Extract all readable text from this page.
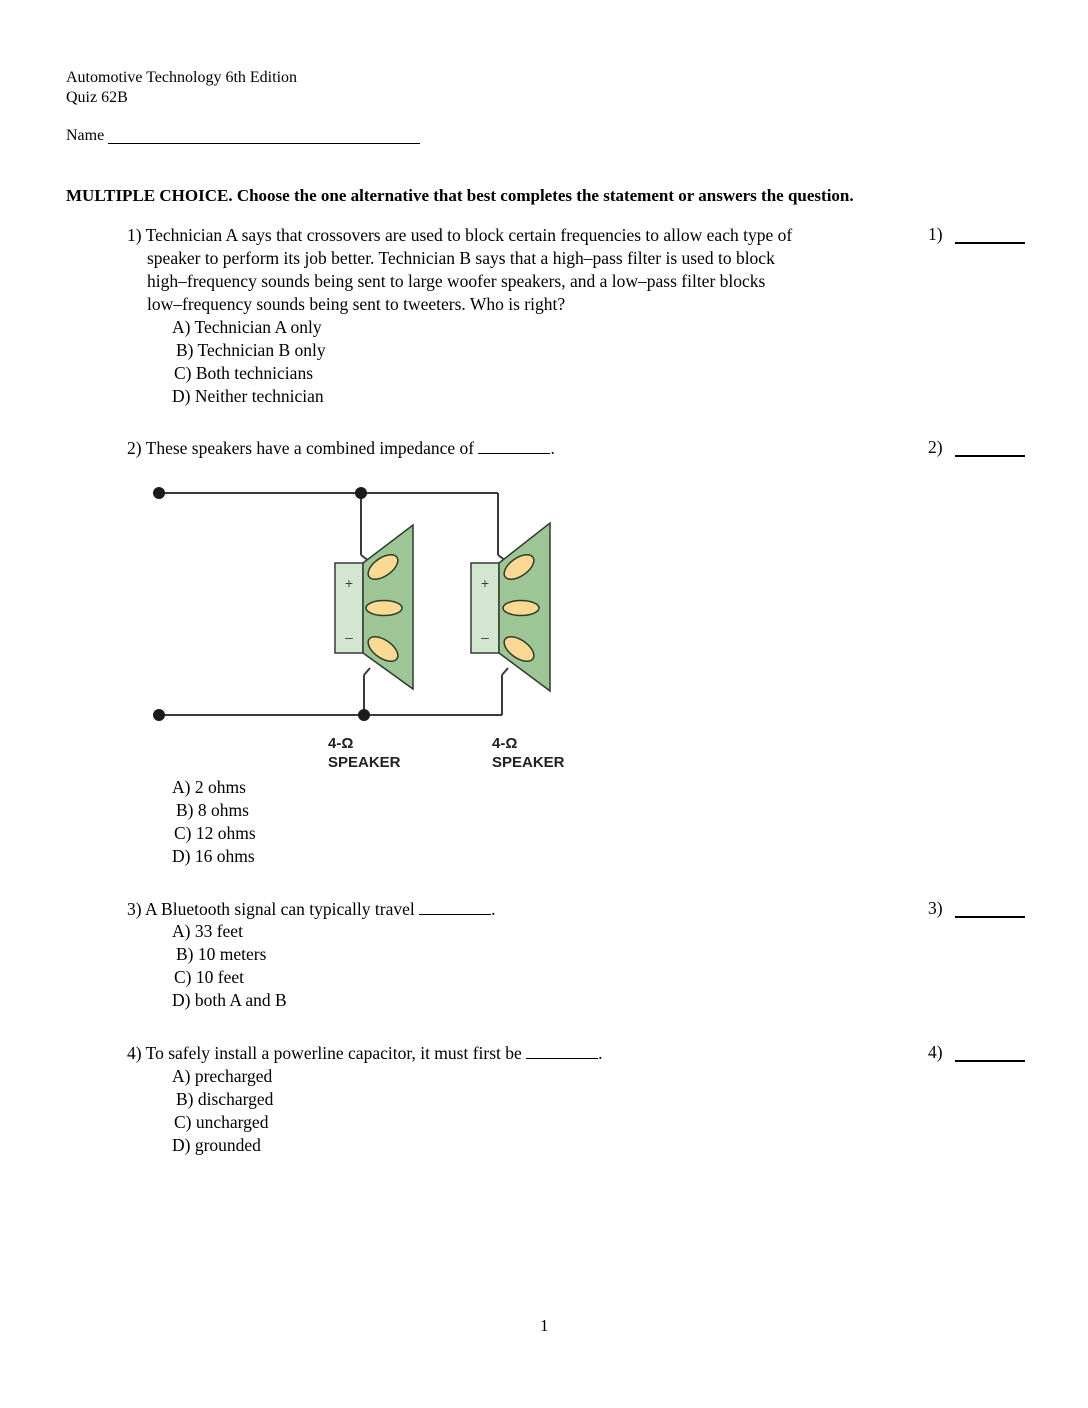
Automotive Technology 6th Edition
Quiz 62B
Name
MULTIPLE CHOICE. Choose the one alternative that best completes the statement or answers the question.
1) Technician A says that crossovers are used to block certain frequencies to allow each type of
speaker to perform its job better. Technician B says that a high–pass filter is used to block
high–frequency sounds being sent to large woofer speakers, and a low–pass filter blocks
low–frequency sounds being sent to tweeters. Who is right?
A) Technician A only
B) Technician B only
C) Both technicians
D) Neither technician
1)
2) These speakers have a combined impedance of	.	2)
+
–
+
–
4-Ω
SPEAKER
4-Ω
SPEAKER
A) 2 ohms
B) 8 ohms
C) 12 ohms
D) 16 ohms
3) A Bluetooth signal can typically travel	.	3)
A) 33 feet
B) 10 meters
C) 10 feet
D) both A and B
4) To safely install a powerline capacitor, it must first be	.	4)
A) precharged
B) discharged
C) uncharged
D) grounded
1
